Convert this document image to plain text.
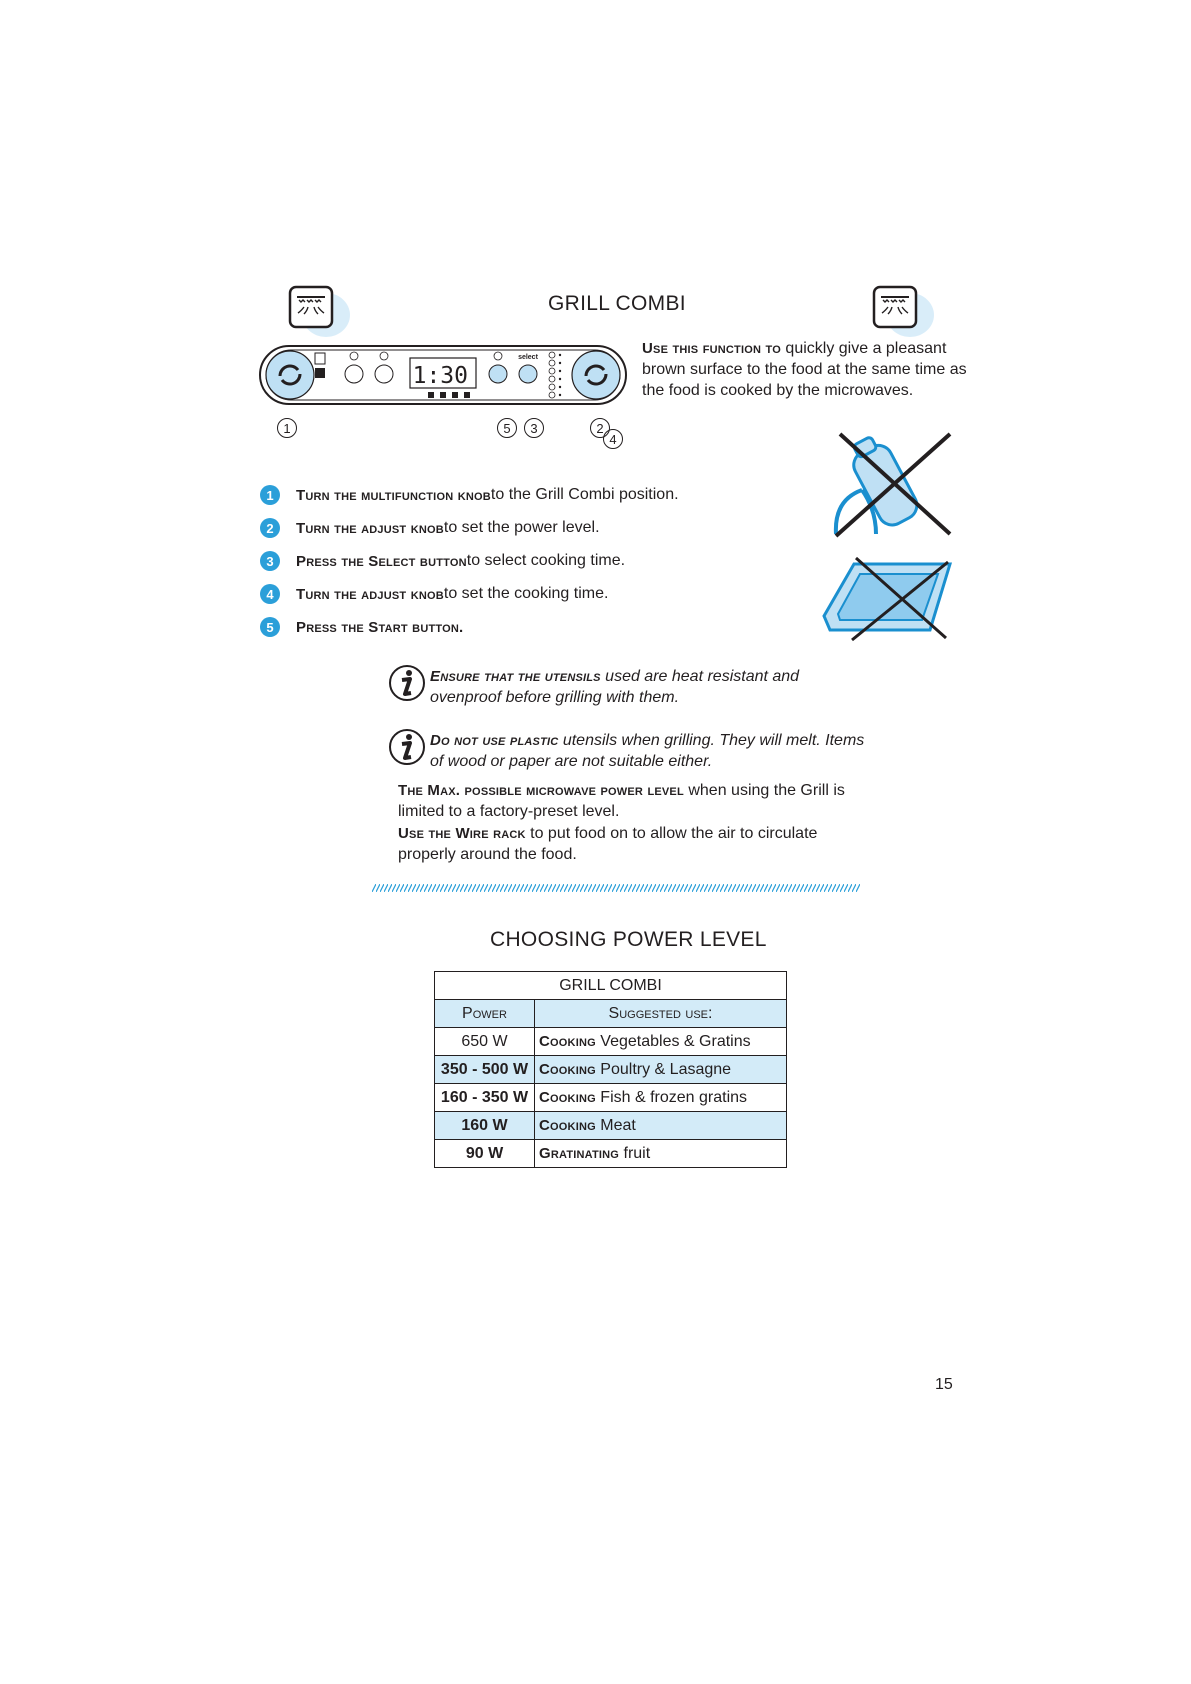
GRILL COMBI
1:30
select
1	5	3	2
4
Use this function to quickly give a pleasant brown surface to the food at the same time as the food is cooked by the microwaves.
1	Turn the multifunction knob to the Grill Combi position.
2	Turn the adjust knob to set the power level.
3	Press the Select button to select cooking time.
4	Turn the adjust knob to set the cooking time.
5	Press the Start button.
Ensure that the utensils used are heat resistant and ovenproof before grilling with them.
Do not use plastic utensils when grilling. They will melt. Items of wood or paper are not suitable either.
The Max. possible microwave power level when using the Grill is limited to a factory-preset level.
Use the Wire rack to put food on to allow the air to circulate properly around the food.
CHOOSING POWER LEVEL
GRILL COMBI	
Power	Suggested use:
650 W	Cooking Vegetables & Gratins
350 - 500 W	Cooking Poultry & Lasagne
160 - 350 W	Cooking Fish & frozen gratins
160 W	Cooking Meat
90 W	Gratinating fruit
15
